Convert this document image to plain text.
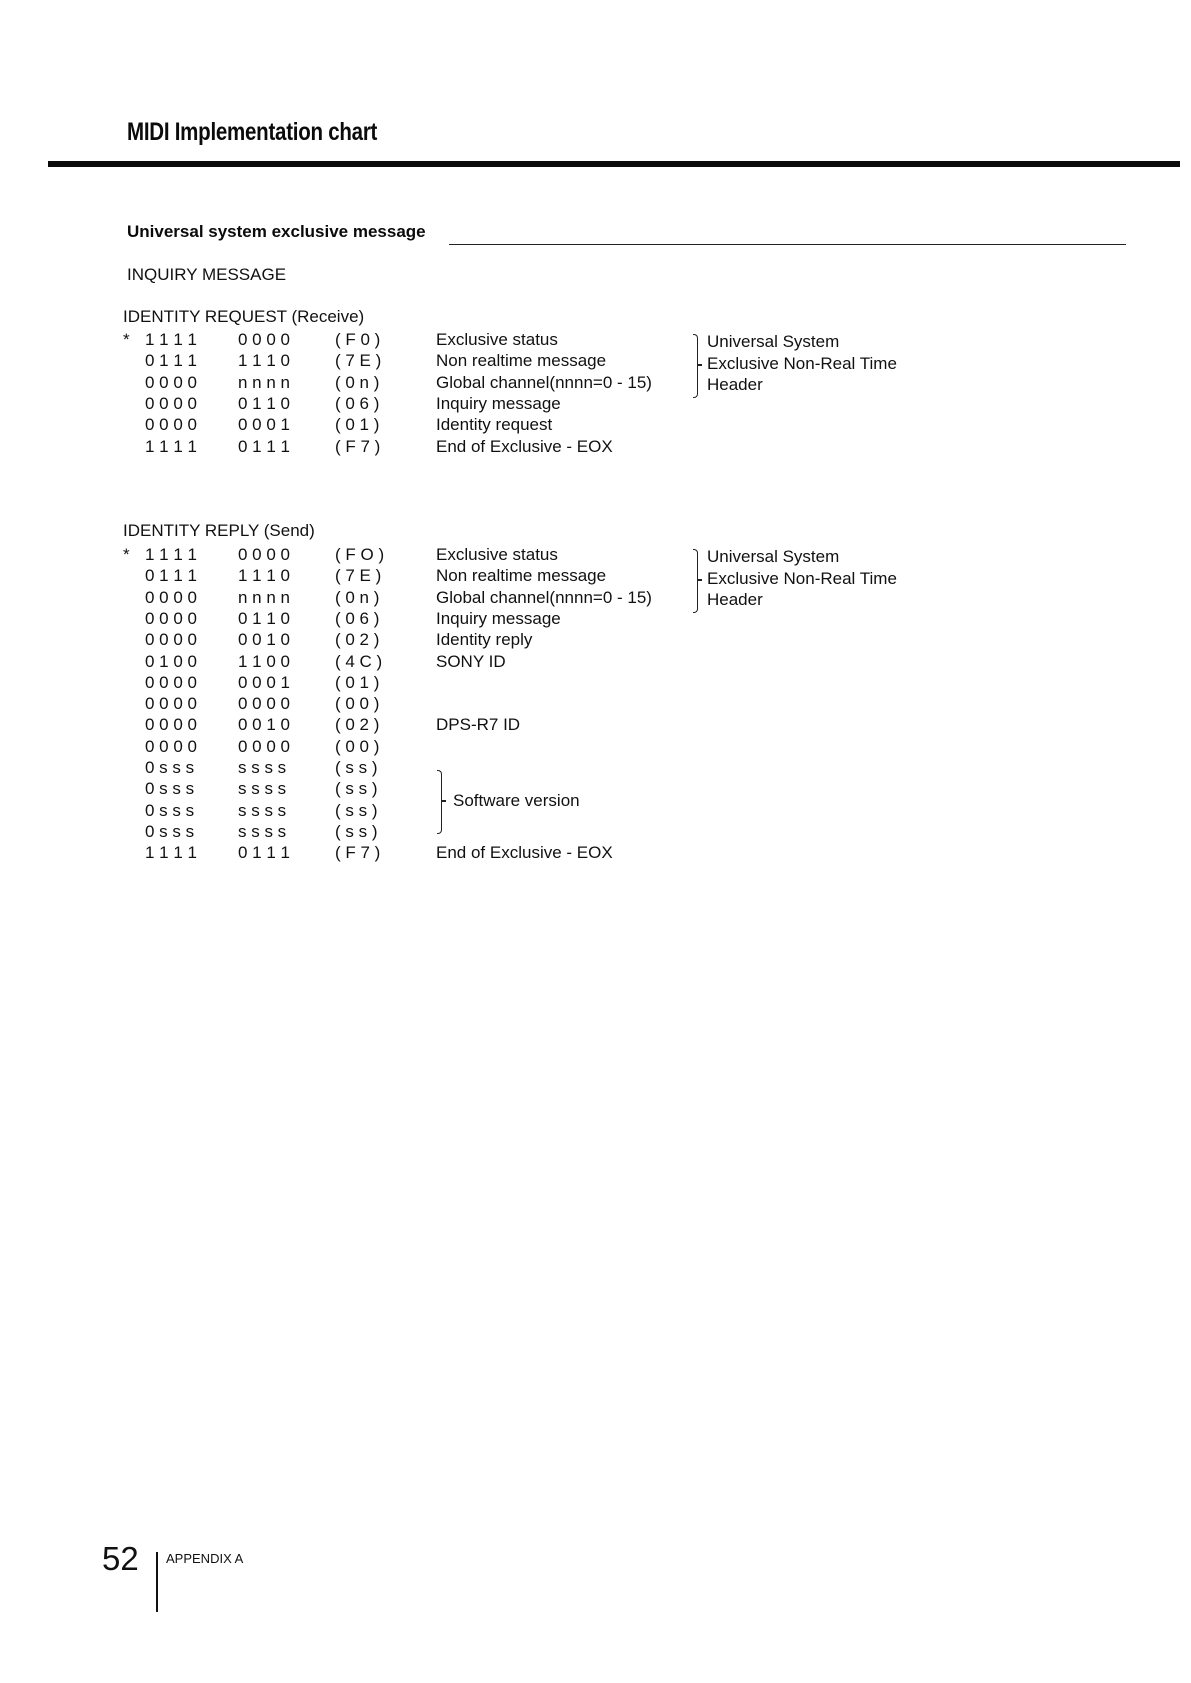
MIDI Implementation chart
Universal system exclusive message
INQUIRY MESSAGE
IDENTITY REQUEST (Receive)
* 1 1 1 1 0 0 0 0	( F 0 )	Exclusive status
0 1 1 1 1 1 1 0	( 7 E )	Non realtime message
0 0 0 0 n n n n	( 0 n )	Global channel(nnnn=0 - 15)
0 0 0 0 0 1 1 0	( 0 6 )	Inquiry message
0 0 0 0 0 0 0 1	( 0 1 )	Identity request
1 1 1 1 0 1 1 1	( F 7 )	End of Exclusive - EOX
Universal System
Exclusive Non-Real Time
Header
IDENTITY REPLY (Send)
* 1 1 1 1 0 0 0 0	( F O )	Exclusive status
0 1 1 1 1 1 1 0	( 7 E )	Non realtime message
0 0 0 0 n n n n	( 0 n )	Global channel(nnnn=0 - 15)
0 0 0 0 0 1 1 0	( 0 6 )	Inquiry message
0 0 0 0 0 0 1 0	( 0 2 )	Identity reply
0 1 0 0 1 1 0 0	( 4 C )	SONY ID
0 0 0 0 0 0 0 1	( 0 1 )
0 0 0 0 0 0 0 0	( 0 0 )
0 0 0 0 0 0 1 0	( 0 2 )	DPS-R7 ID
0 0 0 0 0 0 0 0	( 0 0 )
0 s s s	s s s s	( s s )
0 s s s	s s s s	( s s )
0 s s s	s s s s	( s s )
0 s s s	s s s s	( s s )
1 1 1 1 0 1 1 1	( F 7 )	End of Exclusive - EOX
Universal System
Exclusive Non-Real Time
Header
Software version
52 APPENDIX A
